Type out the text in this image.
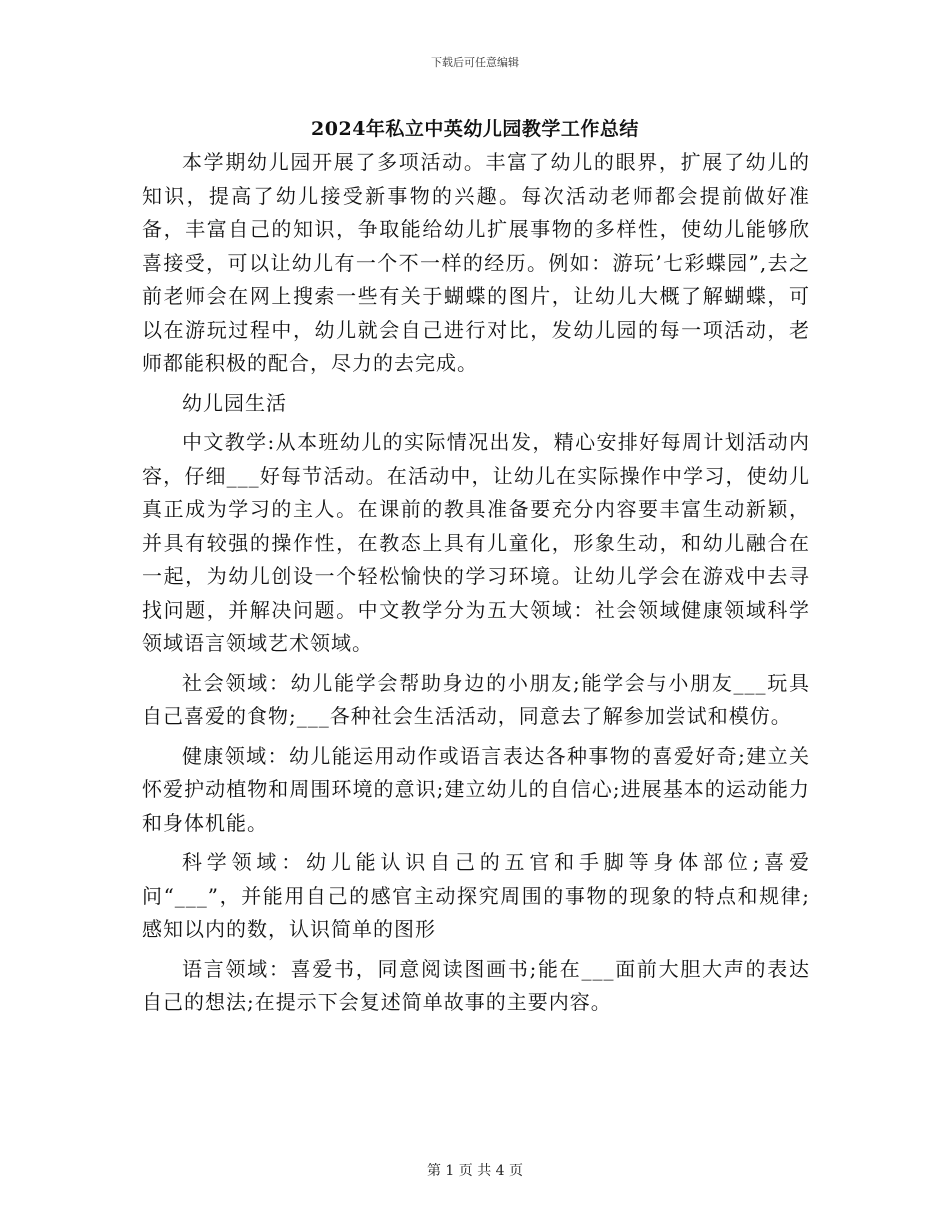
下载后可任意编辑
2024年私立中英幼儿园教学工作总结

本学期幼儿园开展了多项活动。丰富了幼儿的眼界，扩展了幼儿的知识，提高了幼儿接受新事物的兴趣。每次活动老师都会提前做好准备，丰富自己的知识，争取能给幼儿扩展事物的多样性，使幼儿能够欣喜接受，可以让幼儿有一个不一样的经历。例如：游玩’七彩蝶园”,去之前老师会在网上搜索一些有关于蝴蝶的图片，让幼儿大概了解蝴蝶，可以在游玩过程中，幼儿就会自己进行对比，发幼儿园的每一项活动，老师都能积极的配合，尽力的去完成。

幼儿园生活

中文教学:从本班幼儿的实际情况出发，精心安排好每周计划活动内容，仔细___好每节活动。在活动中，让幼儿在实际操作中学习，使幼儿真正成为学习的主人。在课前的教具准备要充分内容要丰富生动新颖，并具有较强的操作性，在教态上具有儿童化，形象生动，和幼儿融合在一起，为幼儿创设一个轻松愉快的学习环境。让幼儿学会在游戏中去寻找问题，并解决问题。中文教学分为五大领域：社会领域健康领域科学领域语言领域艺术领域。

社会领域：幼儿能学会帮助身边的小朋友;能学会与小朋友___玩具自己喜爱的食物;___各种社会生活活动，同意去了解参加尝试和模仿。

健康领域：幼儿能运用动作或语言表达各种事物的喜爱好奇;建立关怀爱护动植物和周围环境的意识;建立幼儿的自信心;进展基本的运动能力和身体机能。

科学领域：幼儿能认识自己的五官和手脚等身体部位;喜爱问“___”，并能用自己的感官主动探究周围的事物的现象的特点和规律;感知以内的数，认识简单的图形

语言领域：喜爱书，同意阅读图画书;能在___面前大胆大声的表达自己的想法;在提示下会复述简单故事的主要内容。

第 1 页 共 4 页
